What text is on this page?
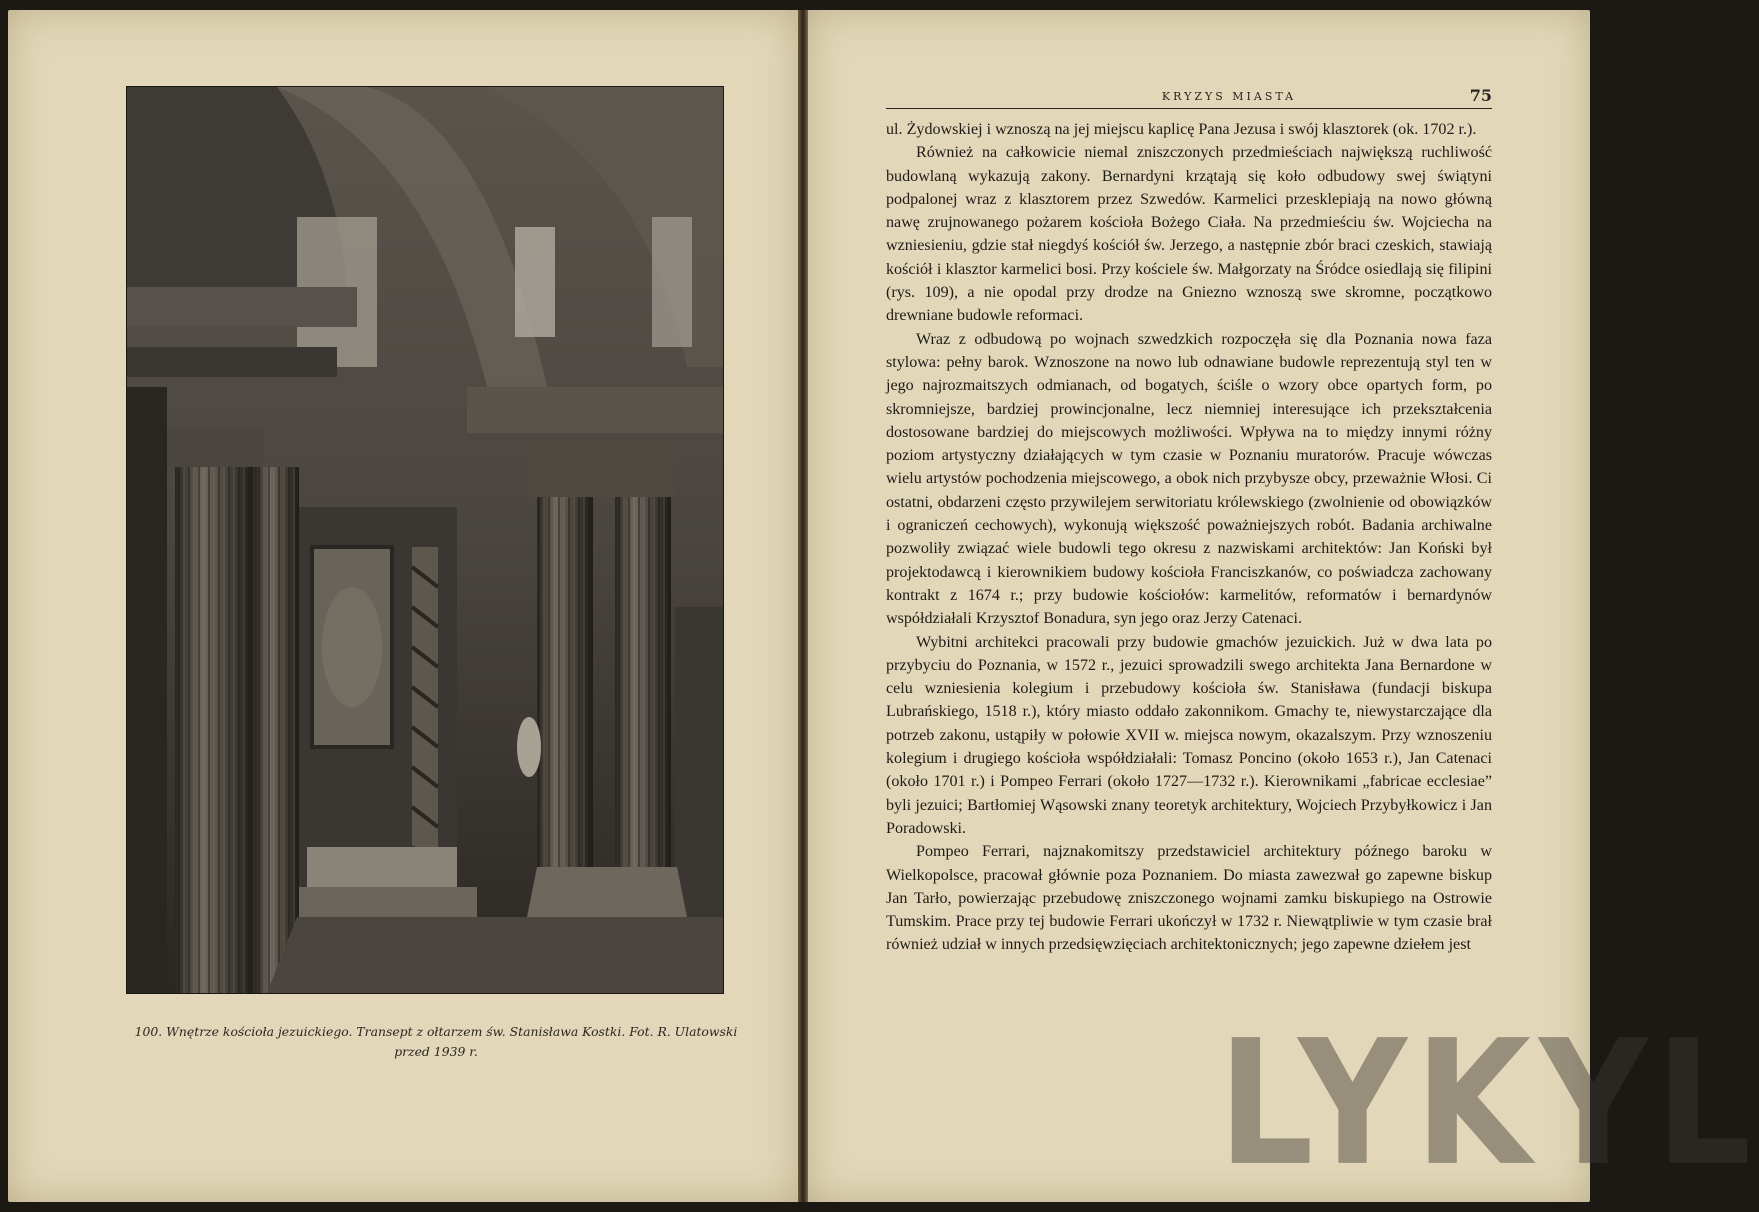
100. Wnętrze kościoła jezuickiego. Transept z ołtarzem św. Stanisława Kostki. Fot. R. Ulatowski przed 1939 r.
KRYZYS MIASTA	75

ul. Żydowskiej i wznoszą na jej miejscu kaplicę Pana Jezusa i swój klasztorek (ok. 1702 r.).

Również na całkowicie niemal zniszczonych przedmieściach największą ruchliwość budowlaną wykazują zakony. Bernardyni krzątają się koło odbudowy swej świątyni podpalonej wraz z klasztorem przez Szwedów. Karmelici przesklepiają na nowo główną nawę zrujnowanego pożarem kościoła Bożego Ciała. Na przedmieściu św. Wojciecha na wzniesieniu, gdzie stał niegdyś kościół św. Jerzego, a następnie zbór braci czeskich, stawiają kościół i klasztor karmelici bosi. Przy kościele św. Małgorzaty na Śródce osiedlają się filipini (rys. 109), a nie opodal przy drodze na Gniezno wznoszą swe skromne, początkowo drewniane budowle reformaci.

Wraz z odbudową po wojnach szwedzkich rozpoczęła się dla Poznania nowa faza stylowa: pełny barok. Wznoszone na nowo lub odnawiane budowle reprezentują styl ten w jego najrozmaitszych odmianach, od bogatych, ściśle o wzory obce opartych form, po skromniejsze, bardziej prowincjonalne, lecz niemniej interesujące ich przekształcenia dostosowane bardziej do miejscowych możliwości. Wpływa na to między innymi różny poziom artystyczny działających w tym czasie w Poznaniu muratorów. Pracuje wówczas wielu artystów pochodzenia miejscowego, a obok nich przybysze obcy, przeważnie Włosi. Ci ostatni, obdarzeni często przywilejem serwitoriatu królewskiego (zwolnienie od obowiązków i ograniczeń cechowych), wykonują większość poważniejszych robót. Badania archiwalne pozwoliły związać wiele budowli tego okresu z nazwiskami architektów: Jan Koński był projektodawcą i kierownikiem budowy kościoła Franciszkanów, co poświadcza zachowany kontrakt z 1674 r.; przy budowie kościołów: karmelitów, reformatów i bernardynów współdziałali Krzysztof Bonadura, syn jego oraz Jerzy Catenaci.

Wybitni architekci pracowali przy budowie gmachów jezuickich. Już w dwa lata po przybyciu do Poznania, w 1572 r., jezuici sprowadzili swego architekta Jana Bernardone w celu wzniesienia kolegium i przebudowy kościoła św. Stanisława (fundacji biskupa Lubrańskiego, 1518 r.), który miasto oddało zakonnikom. Gmachy te, niewystarczające dla potrzeb zakonu, ustąpiły w połowie XVII w. miejsca nowym, okazalszym. Przy wznoszeniu kolegium i drugiego kościoła współdziałali: Tomasz Poncino (około 1653 r.), Jan Catenaci (około 1701 r.) i Pompeo Ferrari (około 1727—1732 r.). Kierownikami „fabricae ecclesiae” byli jezuici; Bartłomiej Wąsowski znany teoretyk architektury, Wojciech Przybyłkowicz i Jan Poradowski.

Pompeo Ferrari, najznakomitszy przedstawiciel architektury późnego baroku w Wielkopolsce, pracował głównie poza Poznaniem. Do miasta zawezwał go zapewne biskup Jan Tarło, powierzając przebudowę zniszczonego wojnami zamku biskupiego na Ostrowie Tumskim. Prace przy tej budowie Ferrari ukończył w 1732 r. Niewątpliwie w tym czasie brał również udział w innych przedsięwzięciach architektonicznych; jego zapewne dziełem jest

LYKYL
